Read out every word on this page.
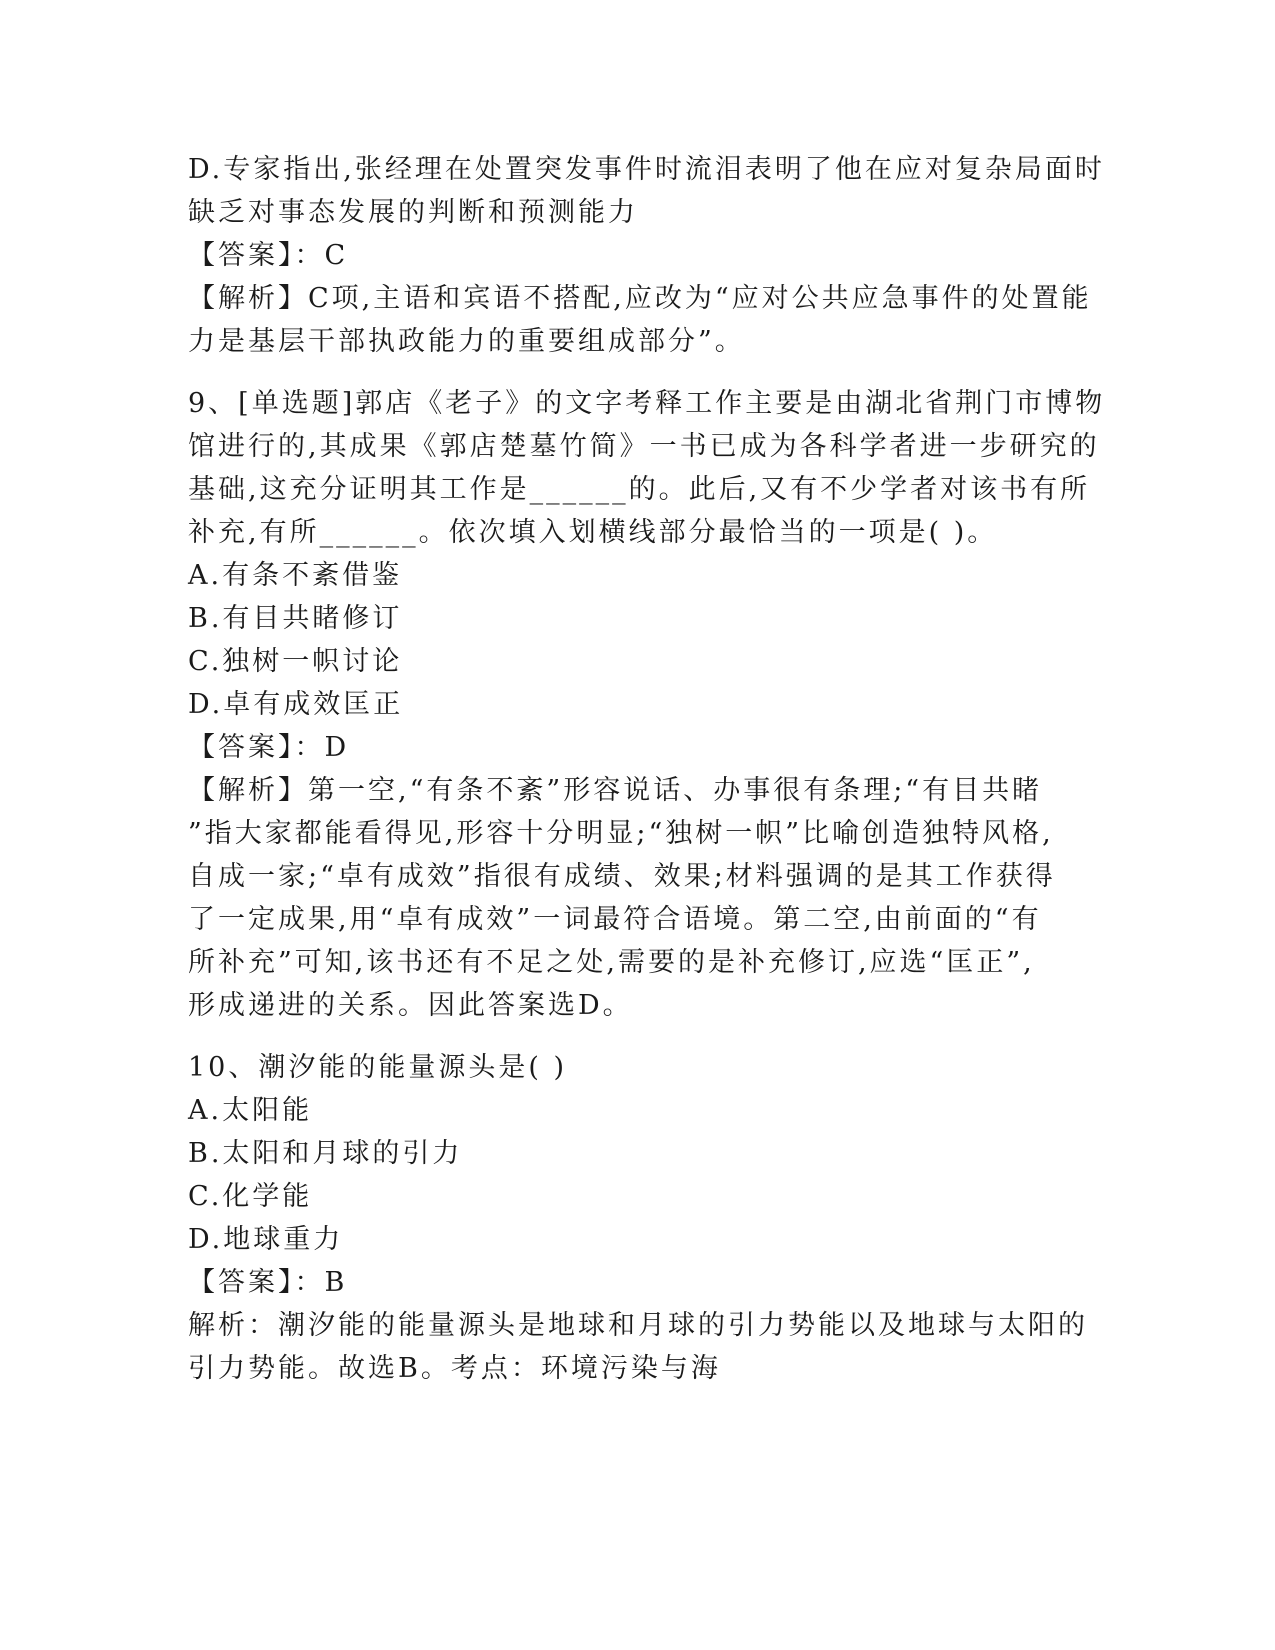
D.专家指出,张经理在处置突发事件时流泪表明了他在应对复杂局面时
缺乏对事态发展的判断和预测能力
【答案】：C
【解析】C项,主语和宾语不搭配,应改为“应对公共应急事件的处置能
力是基层干部执政能力的重要组成部分”。
9、[单选题]郭店《老子》的文字考释工作主要是由湖北省荆门市博物
馆进行的,其成果《郭店楚墓竹简》一书已成为各科学者进一步研究的
基础,这充分证明其工作是______的。此后,又有不少学者对该书有所
补充,有所______。依次填入划横线部分最恰当的一项是( )。
A.有条不紊借鉴
B.有目共睹修订
C.独树一帜讨论
D.卓有成效匡正
【答案】：D
【解析】第一空,“有条不紊”形容说话、办事很有条理;“有目共睹
”指大家都能看得见,形容十分明显;“独树一帜”比喻创造独特风格,
自成一家;“卓有成效”指很有成绩、效果;材料强调的是其工作获得
了一定成果,用“卓有成效”一词最符合语境。第二空,由前面的“有
所补充”可知,该书还有不足之处,需要的是补充修订,应选“匡正”,
形成递进的关系。因此答案选D。
10、潮汐能的能量源头是( )
A.太阳能
B.太阳和月球的引力
C.化学能
D.地球重力
【答案】：B
解析：潮汐能的能量源头是地球和月球的引力势能以及地球与太阳的
引力势能。故选B。考点：环境污染与海
